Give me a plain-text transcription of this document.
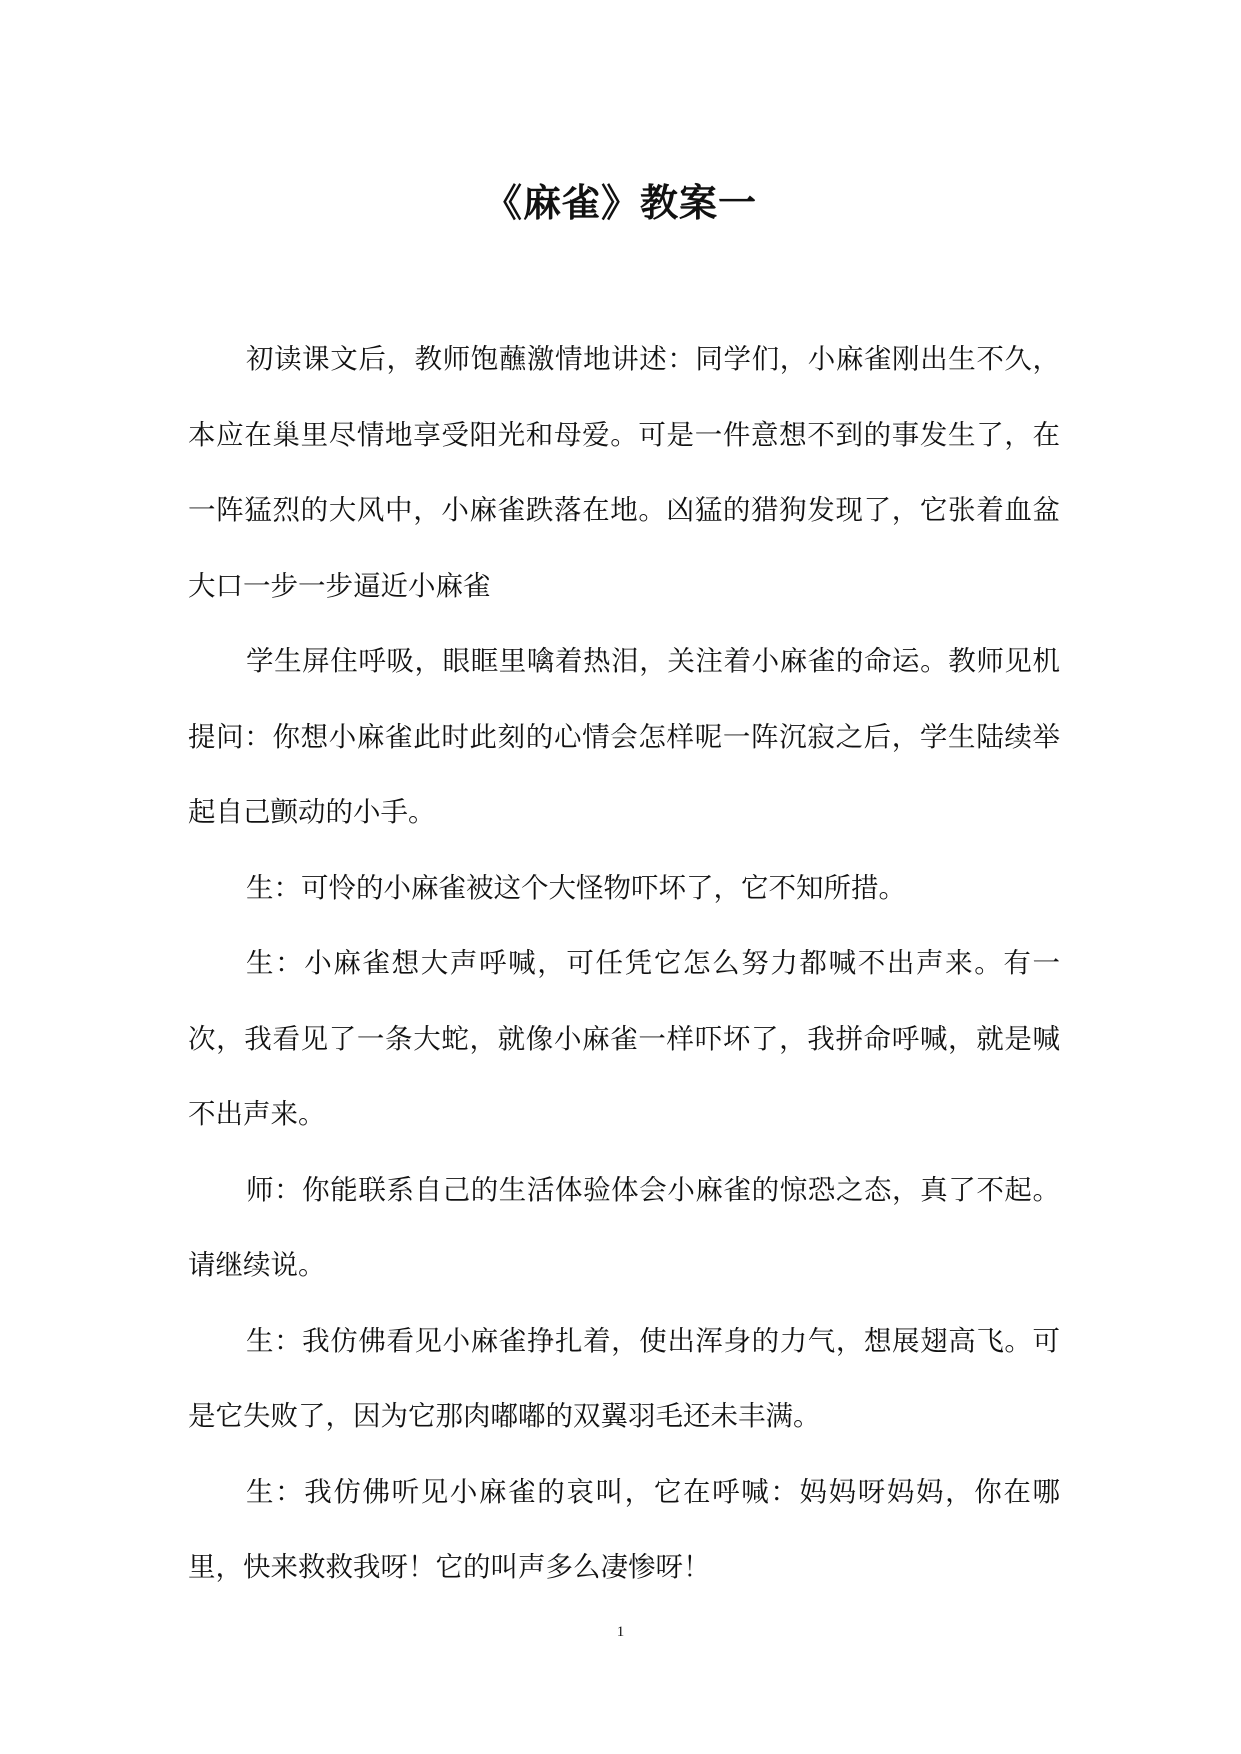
《麻雀》教案一

初读课文后，教师饱蘸激情地讲述：同学们，小麻雀刚出生不久，本应在巢里尽情地享受阳光和母爱。可是一件意想不到的事发生了，在一阵猛烈的大风中，小麻雀跌落在地。凶猛的猎狗发现了，它张着血盆大口一步一步逼近小麻雀

学生屏住呼吸，眼眶里噙着热泪，关注着小麻雀的命运。教师见机提问：你想小麻雀此时此刻的心情会怎样呢一阵沉寂之后，学生陆续举起自己颤动的小手。

生：可怜的小麻雀被这个大怪物吓坏了，它不知所措。

生：小麻雀想大声呼喊，可任凭它怎么努力都喊不出声来。有一次，我看见了一条大蛇，就像小麻雀一样吓坏了，我拼命呼喊，就是喊不出声来。

师：你能联系自己的生活体验体会小麻雀的惊恐之态，真了不起。请继续说。

生：我仿佛看见小麻雀挣扎着，使出浑身的力气，想展翅高飞。可是它失败了，因为它那肉嘟嘟的双翼羽毛还未丰满。

生：我仿佛听见小麻雀的哀叫，它在呼喊：妈妈呀妈妈，你在哪里，快来救救我呀！它的叫声多么凄惨呀！

1
